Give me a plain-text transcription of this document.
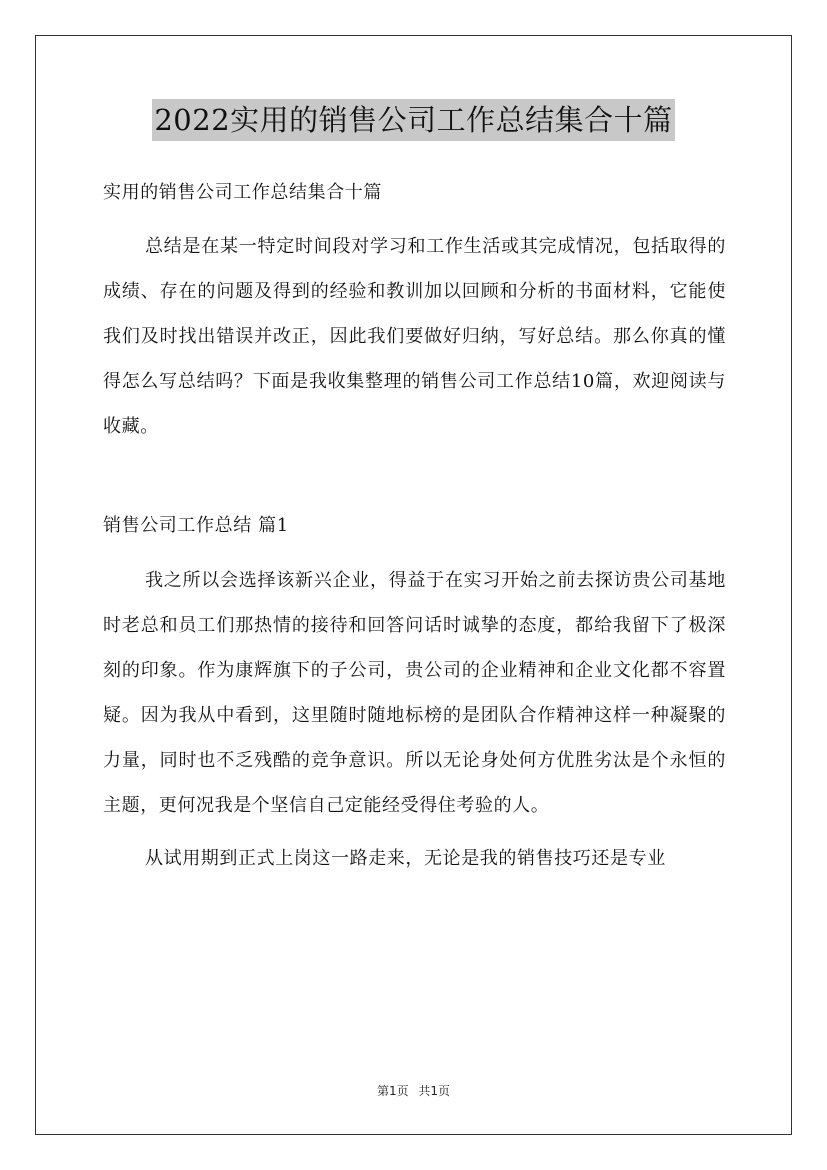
2022实用的销售公司工作总结集合十篇

实用的销售公司工作总结集合十篇

总结是在某一特定时间段对学习和工作生活或其完成情况，包括取得的成绩、存在的问题及得到的经验和教训加以回顾和分析的书面材料，它能使我们及时找出错误并改正，因此我们要做好归纳，写好总结。那么你真的懂得怎么写总结吗？下面是我收集整理的销售公司工作总结10篇，欢迎阅读与收藏。

销售公司工作总结 篇1

我之所以会选择该新兴企业，得益于在实习开始之前去探访贵公司基地时老总和员工们那热情的接待和回答问话时诚挚的态度，都给我留下了极深刻的印象。作为康辉旗下的子公司，贵公司的企业精神和企业文化都不容置疑。因为我从中看到，这里随时随地标榜的是团队合作精神这样一种凝聚的力量，同时也不乏残酷的竞争意识。所以无论身处何方优胜劣汰是个永恒的主题，更何况我是个坚信自己定能经受得住考验的人。

从试用期到正式上岗这一路走来，无论是我的销售技巧还是专业

第1页 共1页
